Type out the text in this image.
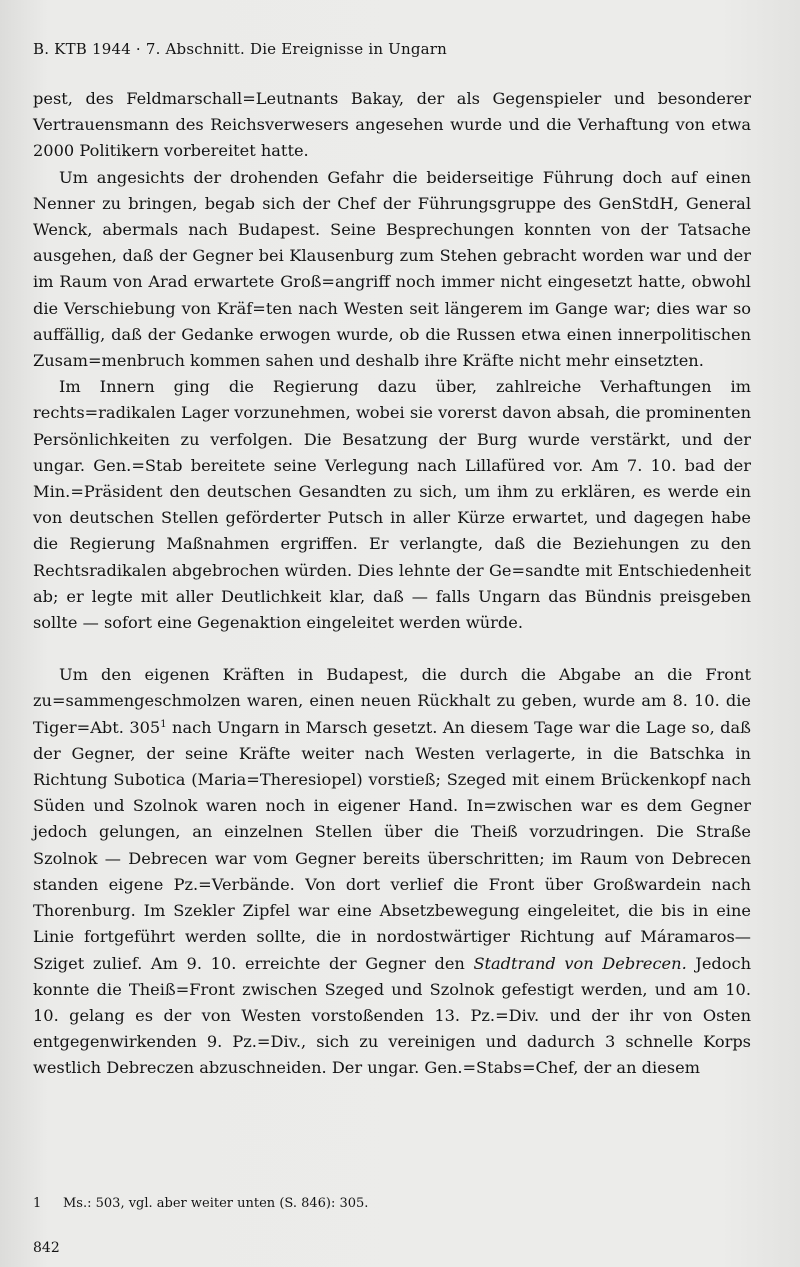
B. KTB 1944 · 7. Abschnitt. Die Ereignisse in Ungarn

pest, des Feldmarschall=Leutnants Bakay, der als Gegenspieler und besonderer Vertrauensmann des Reichsverwesers angesehen wurde und die Verhaftung von etwa 2000 Politikern vorbereitet hatte.

Um angesichts der drohenden Gefahr die beiderseitige Führung doch auf einen Nenner zu bringen, begab sich der Chef der Führungsgruppe des GenStdH, General Wenck, abermals nach Budapest. Seine Besprechungen konnten von der Tatsache ausgehen, daß der Gegner bei Klausenburg zum Stehen gebracht worden war und der im Raum von Arad erwartete Groß=angriff noch immer nicht eingesetzt hatte, obwohl die Verschiebung von Kräf=ten nach Westen seit längerem im Gange war; dies war so auffällig, daß der Gedanke erwogen wurde, ob die Russen etwa einen innerpolitischen Zusam=menbruch kommen sahen und deshalb ihre Kräfte nicht mehr einsetzten.

Im Innern ging die Regierung dazu über, zahlreiche Verhaftungen im rechts=radikalen Lager vorzunehmen, wobei sie vorerst davon absah, die prominenten Persönlichkeiten zu verfolgen. Die Besatzung der Burg wurde verstärkt, und der ungar. Gen.=Stab bereitete seine Verlegung nach Lillafüred vor. Am 7. 10. bad der Min.=Präsident den deutschen Gesandten zu sich, um ihm zu erklären, es werde ein von deutschen Stellen geförderter Putsch in aller Kürze erwartet, und dagegen habe die Regierung Maßnahmen ergriffen. Er verlangte, daß die Beziehungen zu den Rechtsradikalen abgebrochen würden. Dies lehnte der Ge=sandte mit Entschiedenheit ab; er legte mit aller Deutlichkeit klar, daß — falls Ungarn das Bündnis preisgeben sollte — sofort eine Gegenaktion eingeleitet werden würde.

Um den eigenen Kräften in Budapest, die durch die Abgabe an die Front zu=sammengeschmolzen waren, einen neuen Rückhalt zu geben, wurde am 8. 10. die Tiger=Abt. $305^1$ nach Ungarn in Marsch gesetzt. An diesem Tage war die Lage so, daß der Gegner, der seine Kräfte weiter nach Westen verlagerte, in die Batschka in Richtung Subotica (Maria=Theresiopel) vorstieß; Szeged mit einem Brückenkopf nach Süden und Szolnok waren noch in eigener Hand. In=zwischen war es dem Gegner jedoch gelungen, an einzelnen Stellen über die Theiß vorzudringen. Die Straße Szolnok — Debrecen war vom Gegner bereits überschritten; im Raum von Debrecen standen eigene Pz.=Verbände. Von dort verlief die Front über Großwardein nach Thorenburg. Im Szekler Zipfel war eine Absetzbewegung eingeleitet, die bis in eine Linie fortgeführt werden sollte, die in nordostwärtiger Richtung auf Máramaros—Sziget zulief. Am 9. 10. erreichte der Gegner den Stadtrand von Debrecen. Jedoch konnte die Theiß=Front zwischen Szeged und Szolnok gefestigt werden, und am 10. 10. gelang es der von Westen vorstoßenden 13. Pz.=Div. und der ihr von Osten entgegenwirkenden 9. Pz.=Div., sich zu vereinigen und dadurch 3 schnelle Korps westlich Debreczen abzuschneiden. Der ungar. Gen.=Stabs=Chef, der an diesem

1 Ms.: 503, vgl. aber weiter unten (S. 846): 305.
842
